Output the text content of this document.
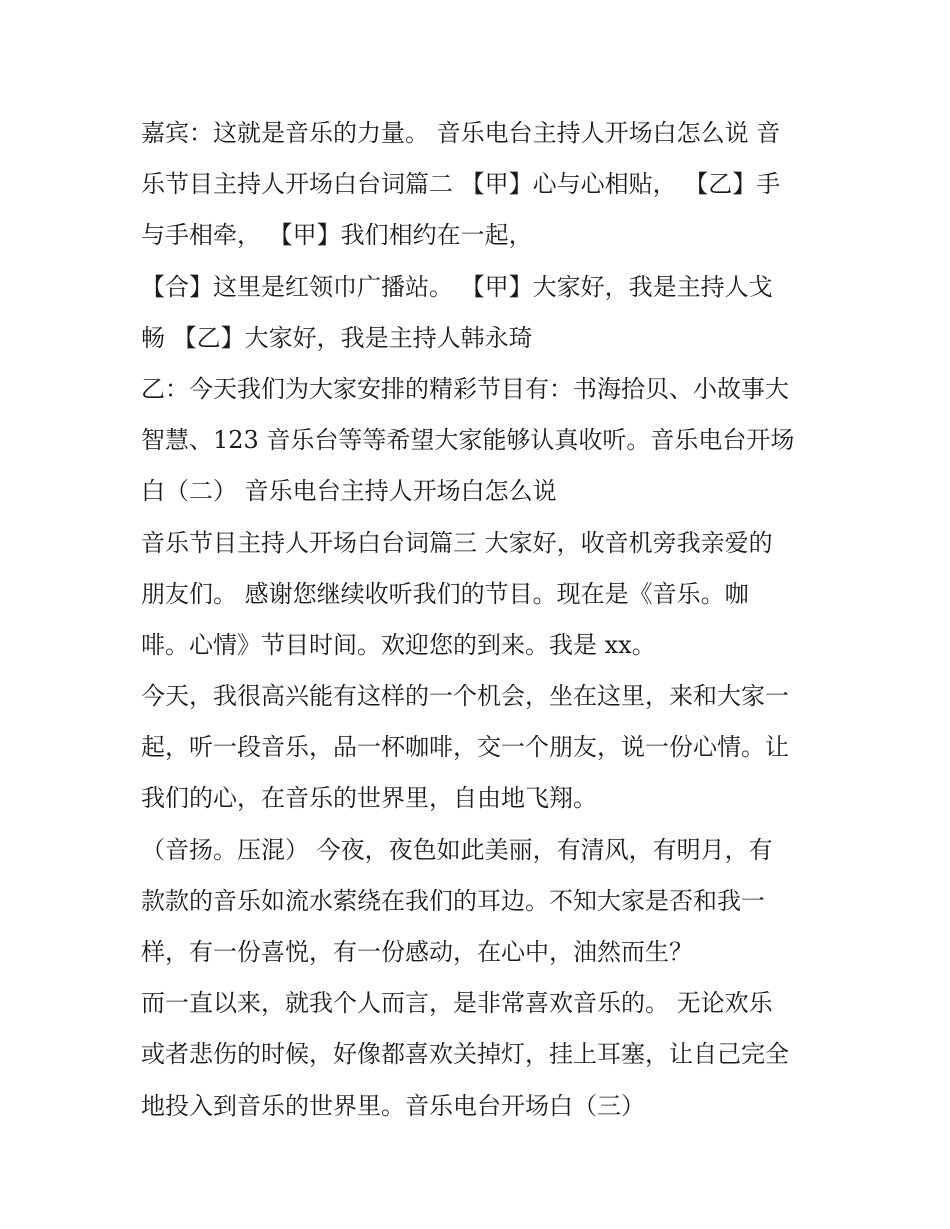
嘉宾：这就是音乐的力量。 音乐电台主持人开场白怎么说 音
乐节目主持人开场白台词篇二 【甲】心与心相贴， 【乙】手
与手相牵， 【甲】我们相约在一起，
【合】这里是红领巾广播站。 【甲】大家好，我是主持人戈
畅 【乙】大家好，我是主持人韩永琦
乙：今天我们为大家安排的精彩节目有：书海拾贝、小故事大
智慧、123 音乐台等等希望大家能够认真收听。音乐电台开场
白（二） 音乐电台主持人开场白怎么说
音乐节目主持人开场白台词篇三 大家好，收音机旁我亲爱的
朋友们。 感谢您继续收听我们的节目。现在是《音乐。咖
啡。心情》节目时间。欢迎您的到来。我是 xx。
今天，我很高兴能有这样的一个机会，坐在这里，来和大家一
起，听一段音乐，品一杯咖啡，交一个朋友，说一份心情。让
我们的心，在音乐的世界里，自由地飞翔。
（音扬。压混） 今夜，夜色如此美丽，有清风，有明月，有
款款的音乐如流水萦绕在我们的耳边。不知大家是否和我一
样，有一份喜悦，有一份感动，在心中，油然而生？
而一直以来，就我个人而言，是非常喜欢音乐的。 无论欢乐
或者悲伤的时候，好像都喜欢关掉灯，挂上耳塞，让自己完全
地投入到音乐的世界里。音乐电台开场白（三）
